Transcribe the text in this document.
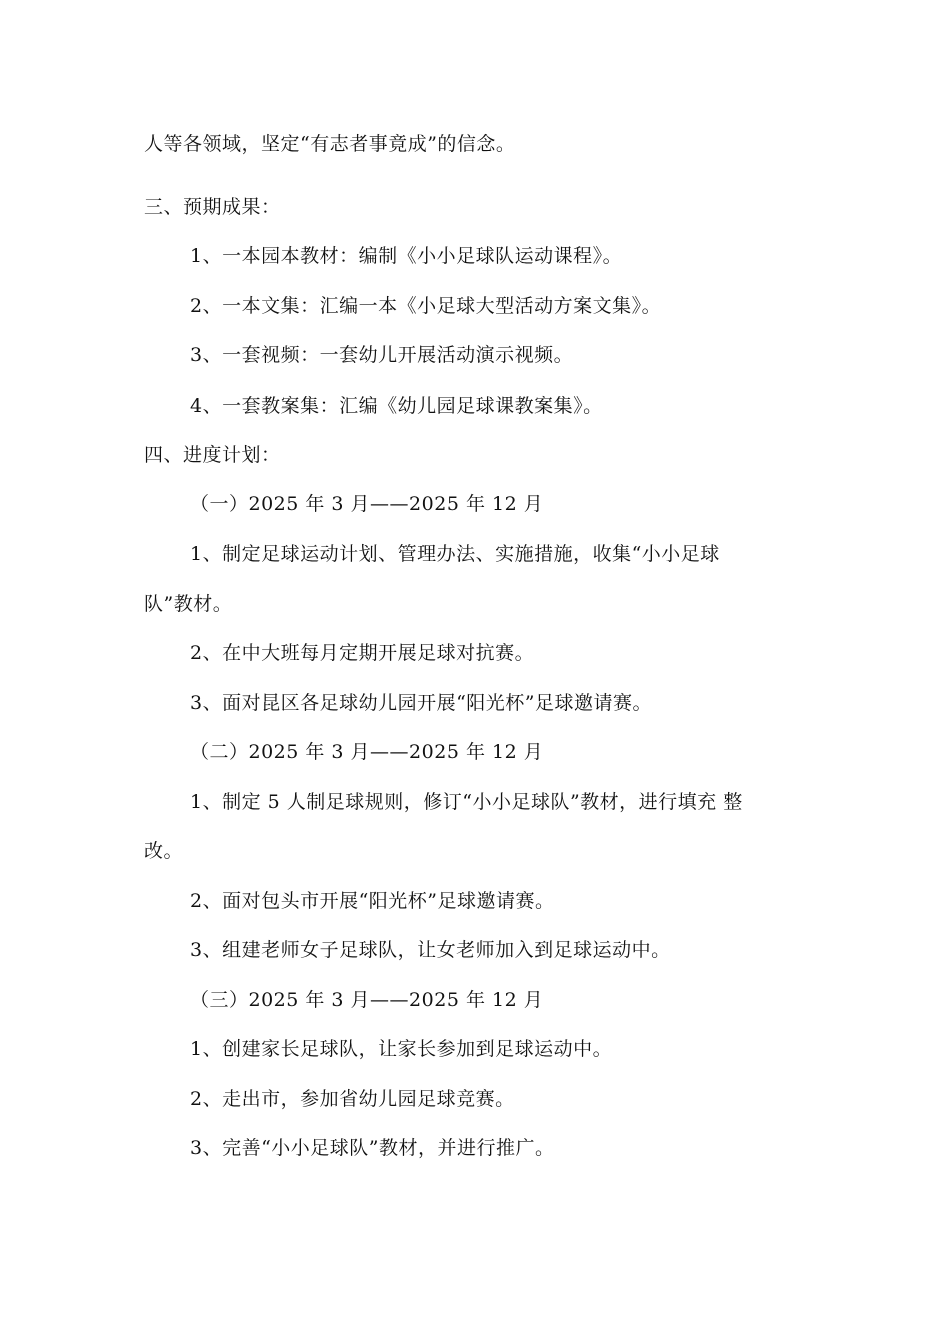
人等各领域，坚定“有志者事竟成”的信念。
三、预期成果：
1、一本园本教材：编制《小小足球队运动课程》。
2、一本文集：汇编一本《小足球大型活动方案文集》。
3、一套视频：一套幼儿开展活动演示视频。
4、一套教案集：汇编《幼儿园足球课教案集》。
四、进度计划：
（一）2025 年 3 月——2025 年 12 月
1、制定足球运动计划、管理办法、实施措施，收集“小小足球
队”教材。
2、在中大班每月定期开展足球对抗赛。
3、面对昆区各足球幼儿园开展“阳光杯”足球邀请赛。
（二）2025 年 3 月——2025 年 12 月
1、制定 5 人制足球规则，修订“小小足球队”教材，进行填充 整
改。
2、面对包头市开展“阳光杯”足球邀请赛。
3、组建老师女子足球队，让女老师加入到足球运动中。
（三）2025 年 3 月——2025 年 12 月
1、创建家长足球队，让家长参加到足球运动中。
2、走出市，参加省幼儿园足球竞赛。
3、完善“小小足球队”教材，并进行推广。
